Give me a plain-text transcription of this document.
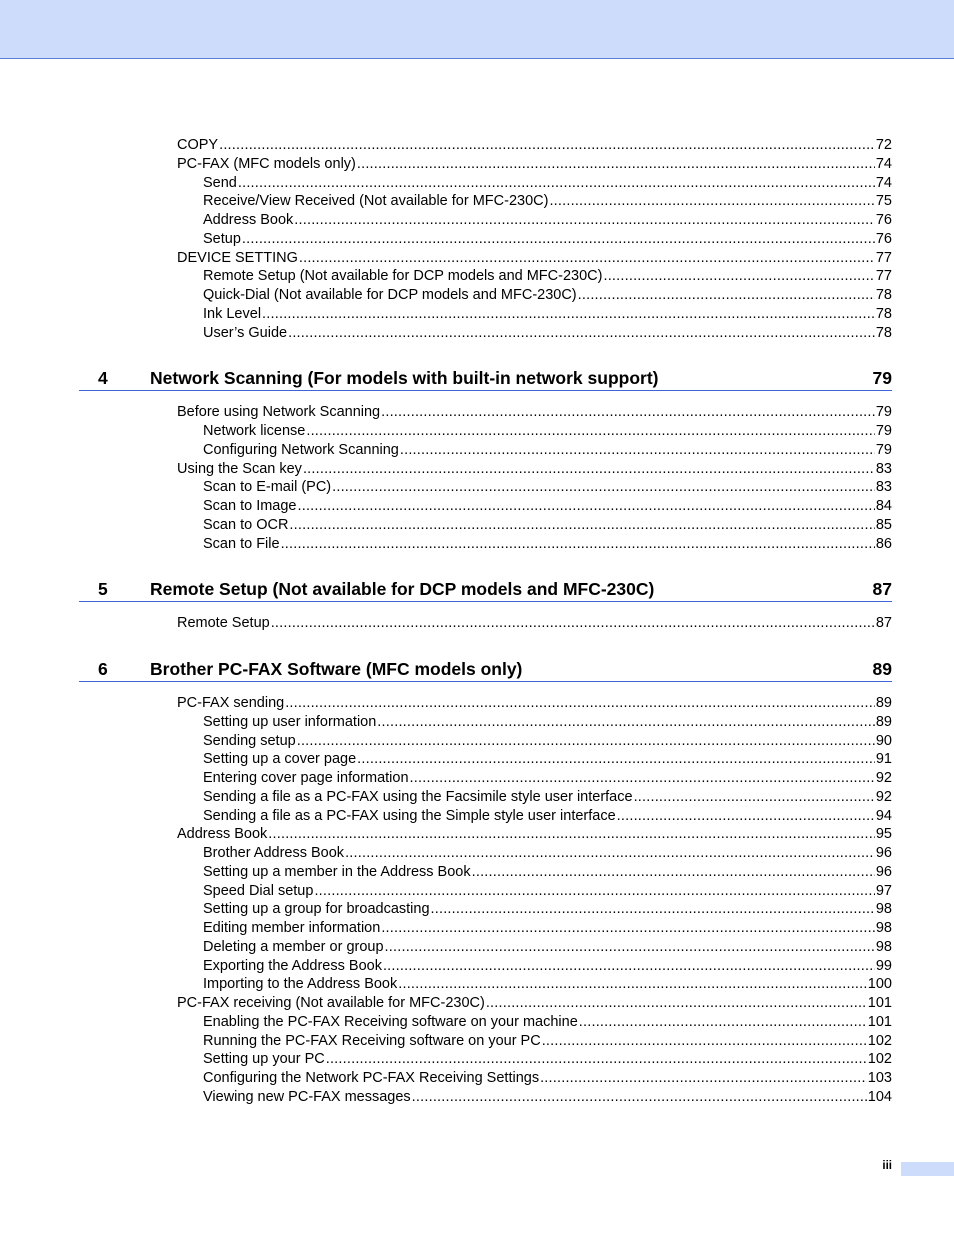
COPY .....	72
PC-FAX (MFC models only) .....	74
Send .....	74
Receive/View Received (Not available for MFC-230C) .....	75
Address Book .....	76
Setup .....	76
DEVICE SETTING .....	77
Remote Setup (Not available for DCP models and MFC-230C) .....	77
Quick-Dial (Not available for DCP models and MFC-230C) .....	78
Ink Level .....	78
User’s Guide .....	78
4 Network Scanning (For models with built-in network support)	79
Before using Network Scanning .....	79
Network license .....	79
Configuring Network Scanning .....	79
Using the Scan key .....	83
Scan to E-mail (PC) .....	83
Scan to Image .....	84
Scan to OCR .....	85
Scan to File .....	86
5 Remote Setup (Not available for DCP models and MFC-230C)	87
Remote Setup .....	87
6 Brother PC-FAX Software (MFC models only)	89
PC-FAX sending .....	89
Setting up user information .....	89
Sending setup .....	90
Setting up a cover page .....	91
Entering cover page information .....	92
Sending a file as a PC-FAX using the Facsimile style user interface .....	92
Sending a file as a PC-FAX using the Simple style user interface .....	94
Address Book .....	95
Brother Address Book .....	96
Setting up a member in the Address Book .....	96
Speed Dial setup .....	97
Setting up a group for broadcasting .....	98
Editing member information .....	98
Deleting a member or group .....	98
Exporting the Address Book .....	99
Importing to the Address Book .....	100
PC-FAX receiving (Not available for MFC-230C) .....	101
Enabling the PC-FAX Receiving software on your machine .....	101
Running the PC-FAX Receiving software on your PC .....	102
Setting up your PC .....	102
Configuring the Network PC-FAX Receiving Settings .....	103
Viewing new PC-FAX messages .....	104
iii
